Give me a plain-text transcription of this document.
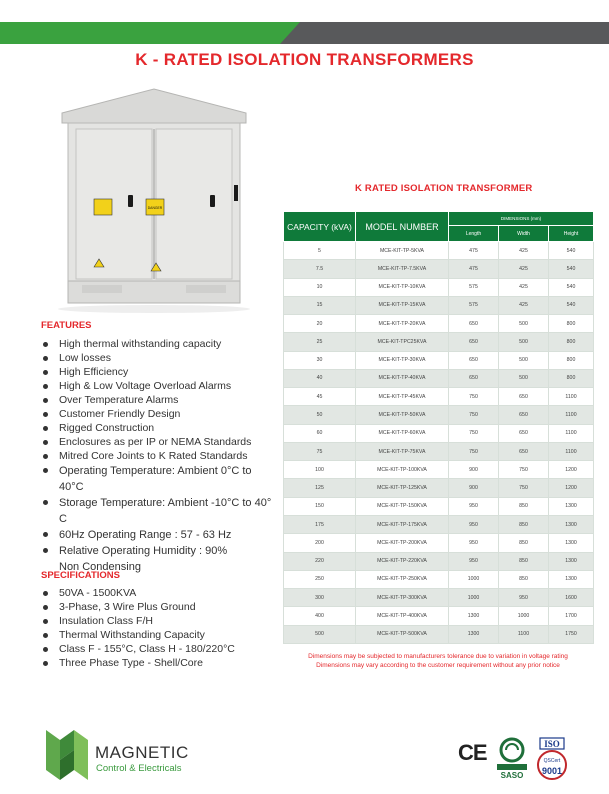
K - RATED ISOLATION TRANSFORMERS
DANGER
FEATURES
High thermal withstanding capacity
Low losses
High Efficiency
High & Low Voltage Overload Alarms
Over Temperature Alarms
Customer Friendly Design
Rigged Construction
Enclosures as per IP or NEMA Standards
Mitred Core Joints to K Rated Standards
Operating Temperature: Ambient 0°C to 40°C
Storage Temperature: Ambient -10°C to 40° C
60Hz Operating Range : 57 - 63 Hz
Relative Operating Humidity : 90% Non Condensing
SPECIFICATIONS
50VA - 1500KVA
3-Phase, 3 Wire Plus Ground
Insulation Class F/H
Thermal Withstanding Capacity
Class F - 155°C, Class H - 180/220°C
Three Phase Type - Shell/Core
K RATED ISOLATION TRANSFORMER
CAPACITY (kVA)	MODEL NUMBER	DIMENSIONS (mm)		
		Length	Width	Height
5	MCE-KIT-TP-5KVA	475	425	540
7.5	MCE-KIT-TP-7.5KVA	475	425	540
10	MCE-KIT-TP-10KVA	575	425	540
15	MCE-KIT-TP-15KVA	575	425	540
20	MCE-KIT-TP-20KVA	650	500	800
25	MCE-KIT-TPC25KVA	650	500	800
30	MCE-KIT-TP-30KVA	650	500	800
40	MCE-KIT-TP-40KVA	650	500	800
45	MCE-KIT-TP-45KVA	750	650	1100
50	MCE-KIT-TP-50KVA	750	650	1100
60	MCE-KIT-TP-60KVA	750	650	1100
75	MCE-KIT-TP-75KVA	750	650	1100
100	MCE-KIT-TP-100KVA	900	750	1200
125	MCE-KIT-TP-125KVA	900	750	1200
150	MCE-KIT-TP-150KVA	950	850	1300
175	MCE-KIT-TP-175KVA	950	850	1300
200	MCE-KIT-TP-200KVA	950	850	1300
220	MCE-KIT-TP-220KVA	950	850	1300
250	MCE-KIT-TP-250KVA	1000	850	1300
300	MCE-KIT-TP-300KVA	1000	950	1600
400	MCE-KIT-TP-400KVA	1300	1000	1700
500	MCE-KIT-TP-500KVA	1300	1100	1750
Dimensions may be subjected to manufacturers tolerance due to variation in voltage rating
Dimensions may vary according to the customer requirement without any prior notice
MAGNETIC
Control & Electricals
CE
SASO
ISO
QSCert
9001
